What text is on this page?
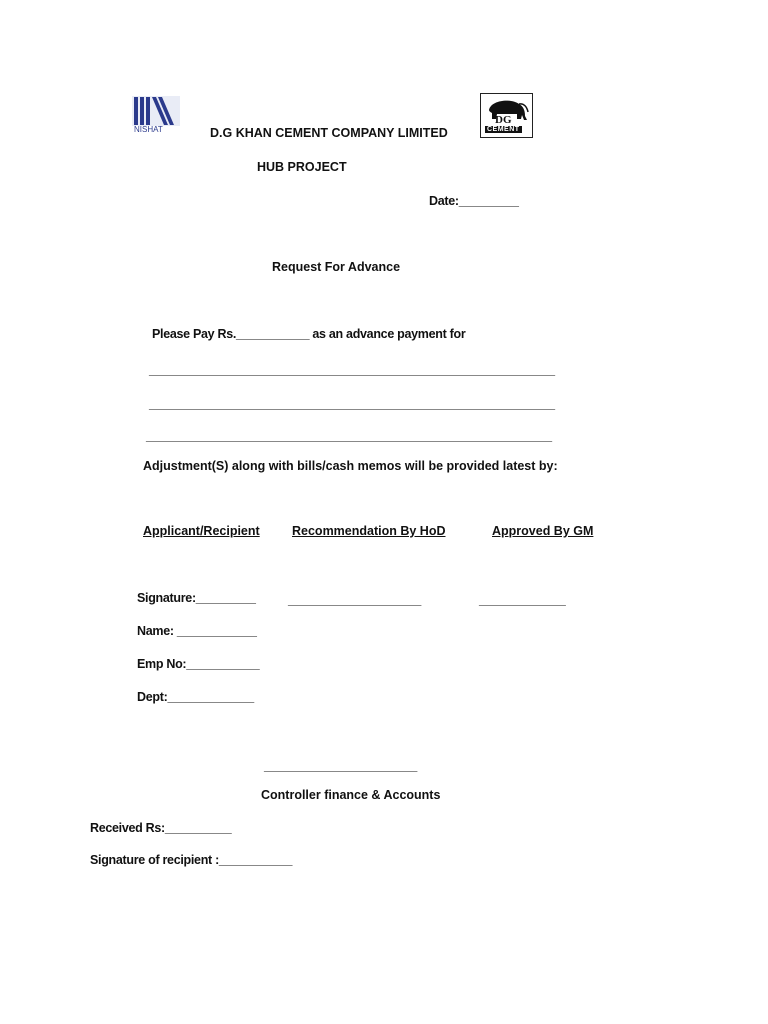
NISHAT
DG
CEMENT
D.G KHAN CEMENT COMPANY LIMITED
HUB PROJECT
Date:_________
Request For Advance
Please Pay Rs.___________ as an advance payment for
_____________________________________________________________
_____________________________________________________________
_____________________________________________________________
Adjustment(S) along with bills/cash memos will be provided latest by:
Applicant/Recipient	Recommendation By HoD	Approved By GM
Signature:_________	____________________	_____________
Name: ____________
Emp No:___________
Dept:_____________
_______________________
Controller finance & Accounts
Received Rs:__________
Signature of recipient :___________
